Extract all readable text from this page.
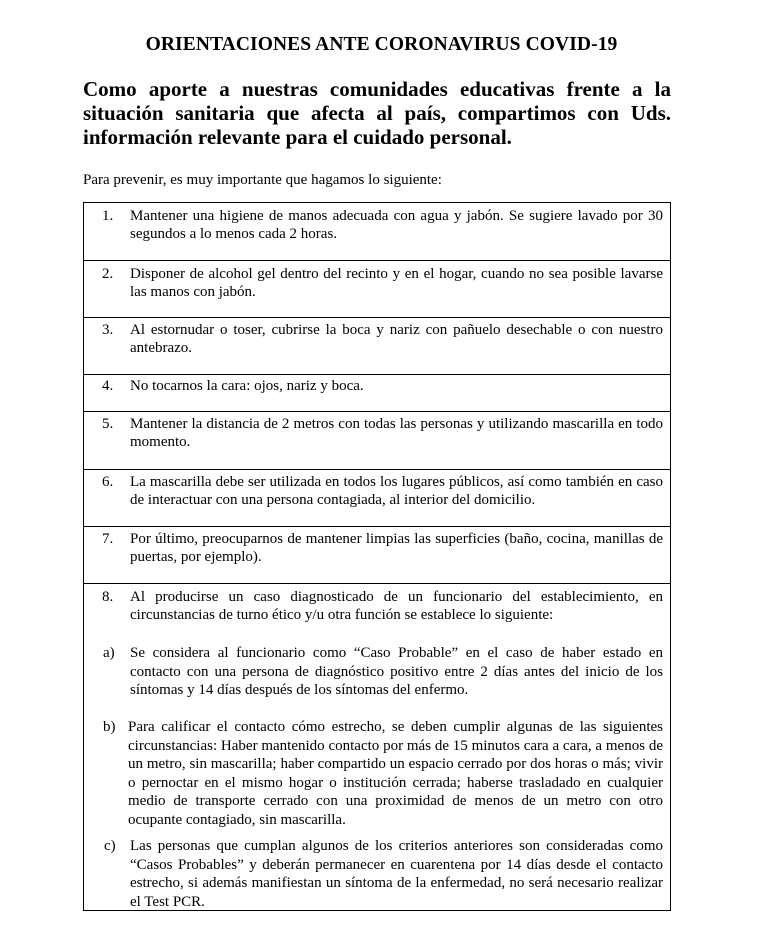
ORIENTACIONES ANTE CORONAVIRUS COVID-19

Como aporte a nuestras comunidades educativas frente a la situación sanitaria que afecta al país, compartimos con Uds. información relevante para el cuidado personal.

Para prevenir, es muy importante que hagamos lo siguiente:

1. Mantener una higiene de manos adecuada con agua y jabón. Se sugiere lavado por 30 segundos a lo menos cada 2 horas.
2. Disponer de alcohol gel dentro del recinto y en el hogar, cuando no sea posible lavarse las manos con jabón.
3. Al estornudar o toser, cubrirse la boca y nariz con pañuelo desechable o con nuestro antebrazo.
4. No tocarnos la cara: ojos, nariz y boca.
5. Mantener la distancia de 2 metros con todas las personas y utilizando mascarilla en todo momento.
6. La mascarilla debe ser utilizada en todos los lugares públicos, así como también en caso de interactuar con una persona contagiada, al interior del domicilio.
7. Por último, preocuparnos de mantener limpias las superficies (baño, cocina, manillas de puertas, por ejemplo).
8. Al producirse un caso diagnosticado de un funcionario del establecimiento, en circunstancias de turno ético y/u otra función se establece lo siguiente:
a) Se considera al funcionario como “Caso Probable” en el caso de haber estado en contacto con una persona de diagnóstico positivo entre 2 días antes del inicio de los síntomas y 14 días después de los síntomas del enfermo.
b) Para calificar el contacto cómo estrecho, se deben cumplir algunas de las siguientes circunstancias: Haber mantenido contacto por más de 15 minutos cara a cara, a menos de un metro, sin mascarilla; haber compartido un espacio cerrado por dos horas o más; vivir o pernoctar en el mismo hogar o institución cerrada; haberse trasladado en cualquier medio de transporte cerrado con una proximidad de menos de un metro con otro ocupante contagiado, sin mascarilla.
c) Las personas que cumplan algunos de los criterios anteriores son consideradas como “Casos Probables” y deberán permanecer en cuarentena por 14 días desde el contacto estrecho, si además manifiestan un síntoma de la enfermedad, no será necesario realizar el Test PCR.
